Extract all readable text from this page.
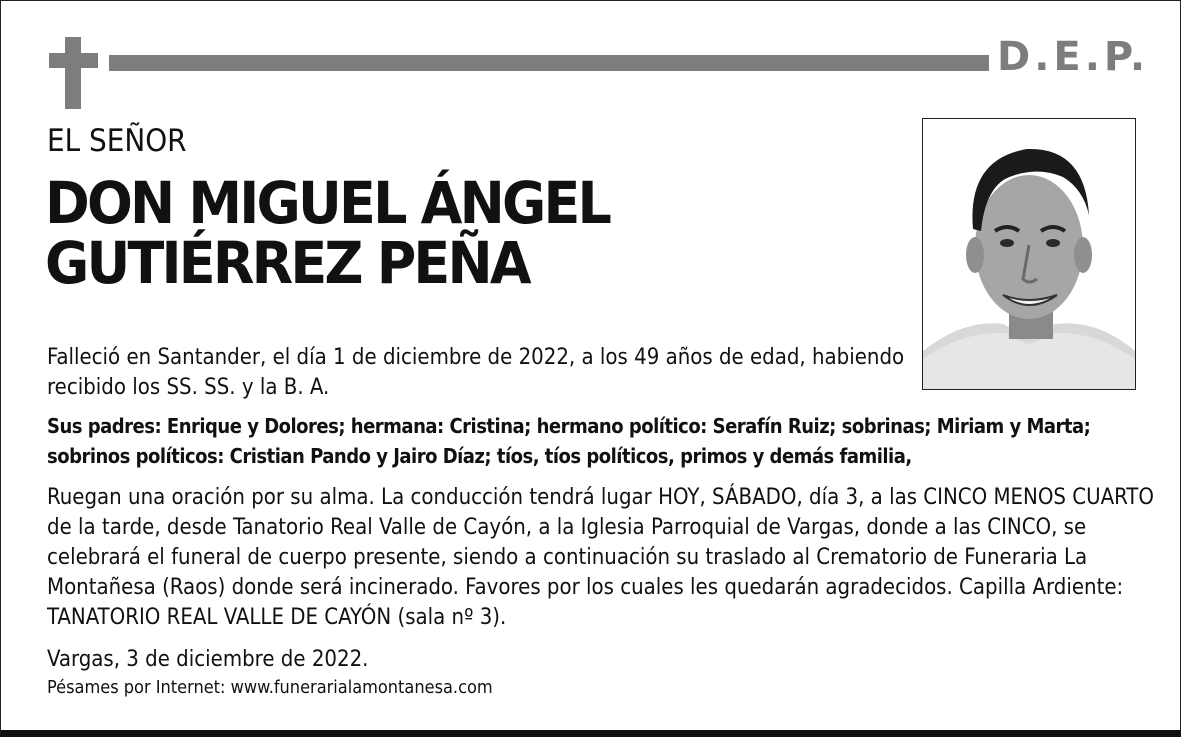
D.E.P.
EL SEÑOR
DON MIGUEL ÁNGEL
GUTIÉRREZ PEÑA

Falleció en Santander, el día 1 de diciembre de 2022, a los 49 años de edad, habiendo recibido los SS. SS. y la B. A.

Sus padres: Enrique y Dolores; hermana: Cristina; hermano político: Serafín Ruiz; sobrinas; Miriam y Marta; sobrinos políticos: Cristian Pando y Jairo Díaz; tíos, tíos políticos, primos y demás familia,

Ruegan una oración por su alma. La conducción tendrá lugar HOY, SÁBADO, día 3, a las CINCO MENOS CUARTO de la tarde, desde Tanatorio Real Valle de Cayón, a la Iglesia Parroquial de Vargas, donde a las CINCO, se celebrará el funeral de cuerpo presente, siendo a continuación su traslado al Crematorio de Funeraria La Montañesa (Raos) donde será incinerado. Favores por los cuales les quedarán agradecidos. Capilla Ardiente: TANATORIO REAL VALLE DE CAYÓN (sala nº 3).

Vargas, 3 de diciembre de 2022.

Pésames por Internet: www.funerarialamontanesa.com
